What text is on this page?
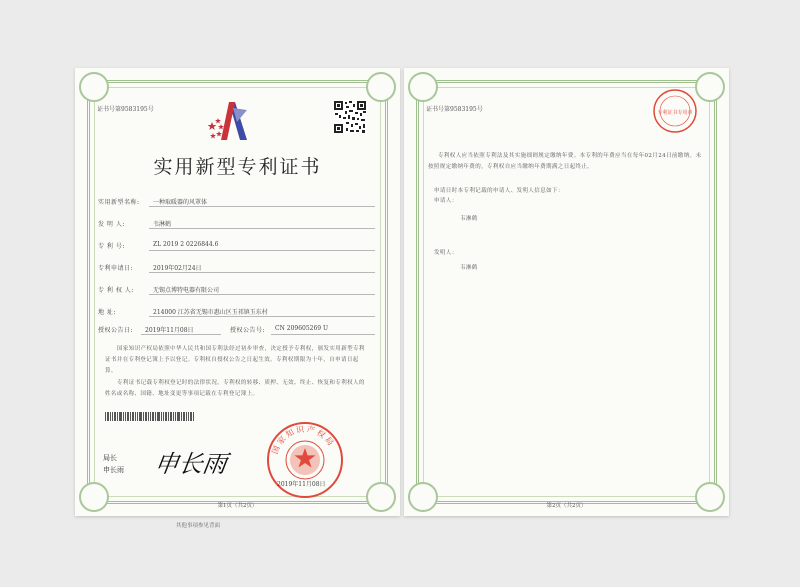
证书号第9583195号
实用新型专利证书
实用新型名称: 一种取暖器的风罩体
发 明 人:	韦淋鹤
专 利 号:	ZL 2019 2 0226844.6
专利申请日:	2019年02月24日
专 利 权 人:	无锡点博特电器有限公司
地 址:	214000 江苏省无锡市惠山区玉祁镇玉东村
授权公告日: 2019年11月08日	授权公告号: CN 209605269 U
国家知识产权局依照中华人民共和国专利法经过初步审查，决定授予专利权，颁发实用新型专利证书并在专利登记簿上予以登记。专利权自授权公告之日起生效。专利权期限为十年，自申请日起算。
专利证书记载专利权登记时的法律状况。专利权的转移、质押、无效、终止、恢复和专利权人的姓名或名称、国籍、地址变更等事项记载在专利登记簿上。
局长
申长雨 申长雨
国家知识产权局
2019年11月08日
第1页（共2页）
其他事项参见背面
证书号第9583195号	专利证书专用章
专利权人应当依照专利法及其实施细则规定缴纳年费。本专利的年费应当在每年02月24日前缴纳。未按照规定缴纳年费的，专利权自应当缴纳年费期满之日起终止。
申请日时本专利记载的申请人、发明人信息如下：
申请人：
韦淋鹤
发明人：
韦淋鹤
第2页（共2页）
